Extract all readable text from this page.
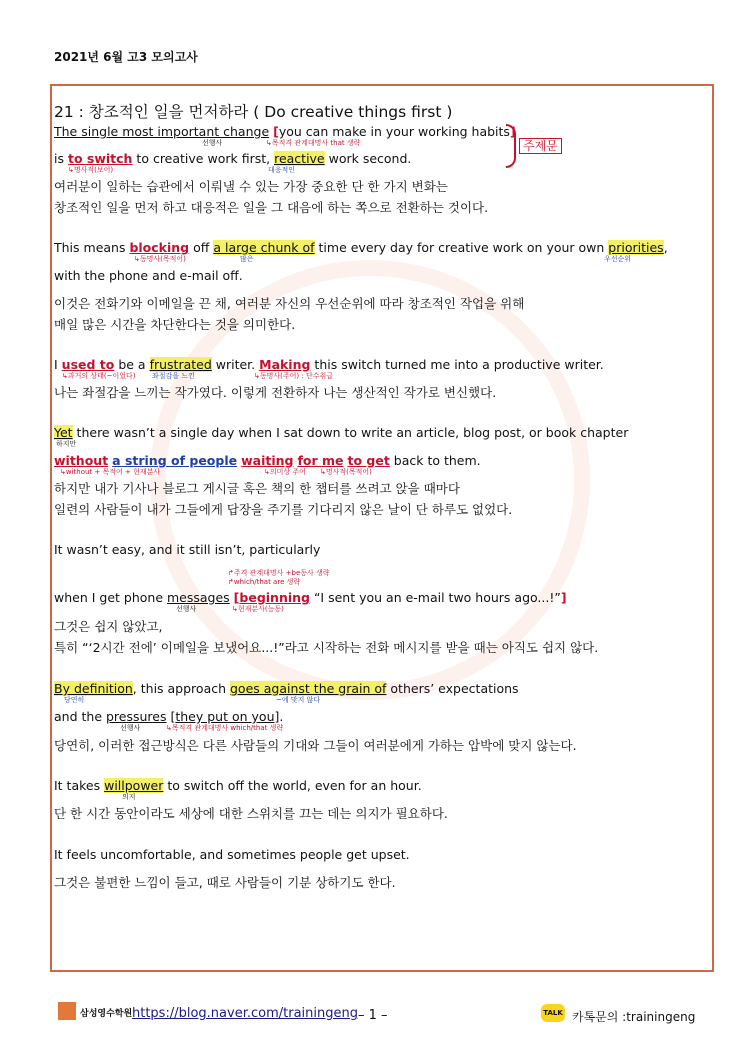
2021년 6월 고3 모의고사
21 : 창조적인 일을 먼저하라 ( Do creative things first )
The single most important change [you can make in your working habits]
선행사	↳목적격 관계대명사 that 생략	주제문
is to switch to creative work first, reactive work second.
↳명사적(보어)	대응적인
여러분이 일하는 습관에서 이뤄낼 수 있는 가장 중요한 단 한 가지 변화는
창조적인 일을 먼저 하고 대응적은 일을 그 대음에 하는 쪽으로 전환하는 것이다.
This means blocking off a large chunk of time every day for creative work on your own priorities,
↳동명사(목적어)	많은	우선순위
with the phone and e-mail off.
이것은 전화기와 이메일을 끈 채, 여러분 자신의 우선순위에 따라 창조적인 작업을 위해
매일 많은 시간을 차단한다는 것을 의미한다.
I used to be a frustrated writer. Making this switch turned me into a productive writer.
↳과거의 상태(~이었다) 좌절감을 느낀	↳동명사(주어) : 단수취급
나는 좌절감을 느끼는 작가였다. 이렇게 전환하자 나는 생산적인 작가로 변신했다.
Yet there wasn’t a single day when I sat down to write an article, blog post, or book chapter
하지만
without a string of people waiting for me to get back to them.
↳without + 목적어 + 현재분사	↳의미상 주어 ↳명사적(목적어)
하지만 내가 기사나 블로그 게시글 혹은 책의 한 챕터를 쓰려고 앉을 때마다
일련의 사람들이 내가 그들에게 답장을 주기를 기다리지 않은 날이 단 하루도 없었다.
It wasn’t easy, and it still isn’t, particularly
↱주격 관계대명사 +be동사 생략
↱which/that are 생략
when I get phone messages [beginning “I sent you an e-mail two hours ago...!”]
선행사	↳현재분사(능동)
그것은 쉽지 않았고,
특히 “‘2시간 전에’ 이메일을 보냈어요...!”라고 시작하는 전화 메시지를 받을 때는 아직도 쉽지 않다.
By definition, this approach goes against the grain of others’ expectations
당연히	~에 맞지 않다
and the pressures [they put on you].
선행사	↳목적격 관계대명사 which/that 생략
당연히, 이러한 접근방식은 다른 사람들의 기대와 그들이 여러분에게 가하는 압박에 맞지 않는다.
It takes willpower to switch off the world, even for an hour.
의지
단 한 시간 동안이라도 세상에 대한 스위치를 끄는 데는 의지가 필요하다.
It feels uncomfortable, and sometimes people get upset.
그것은 불편한 느낌이 들고, 때로 사람들이 기분 상하기도 한다.
삼성영수학원 https://blog.naver.com/trainingeng – 1 –	TALK 카톡문의 :trainingeng
